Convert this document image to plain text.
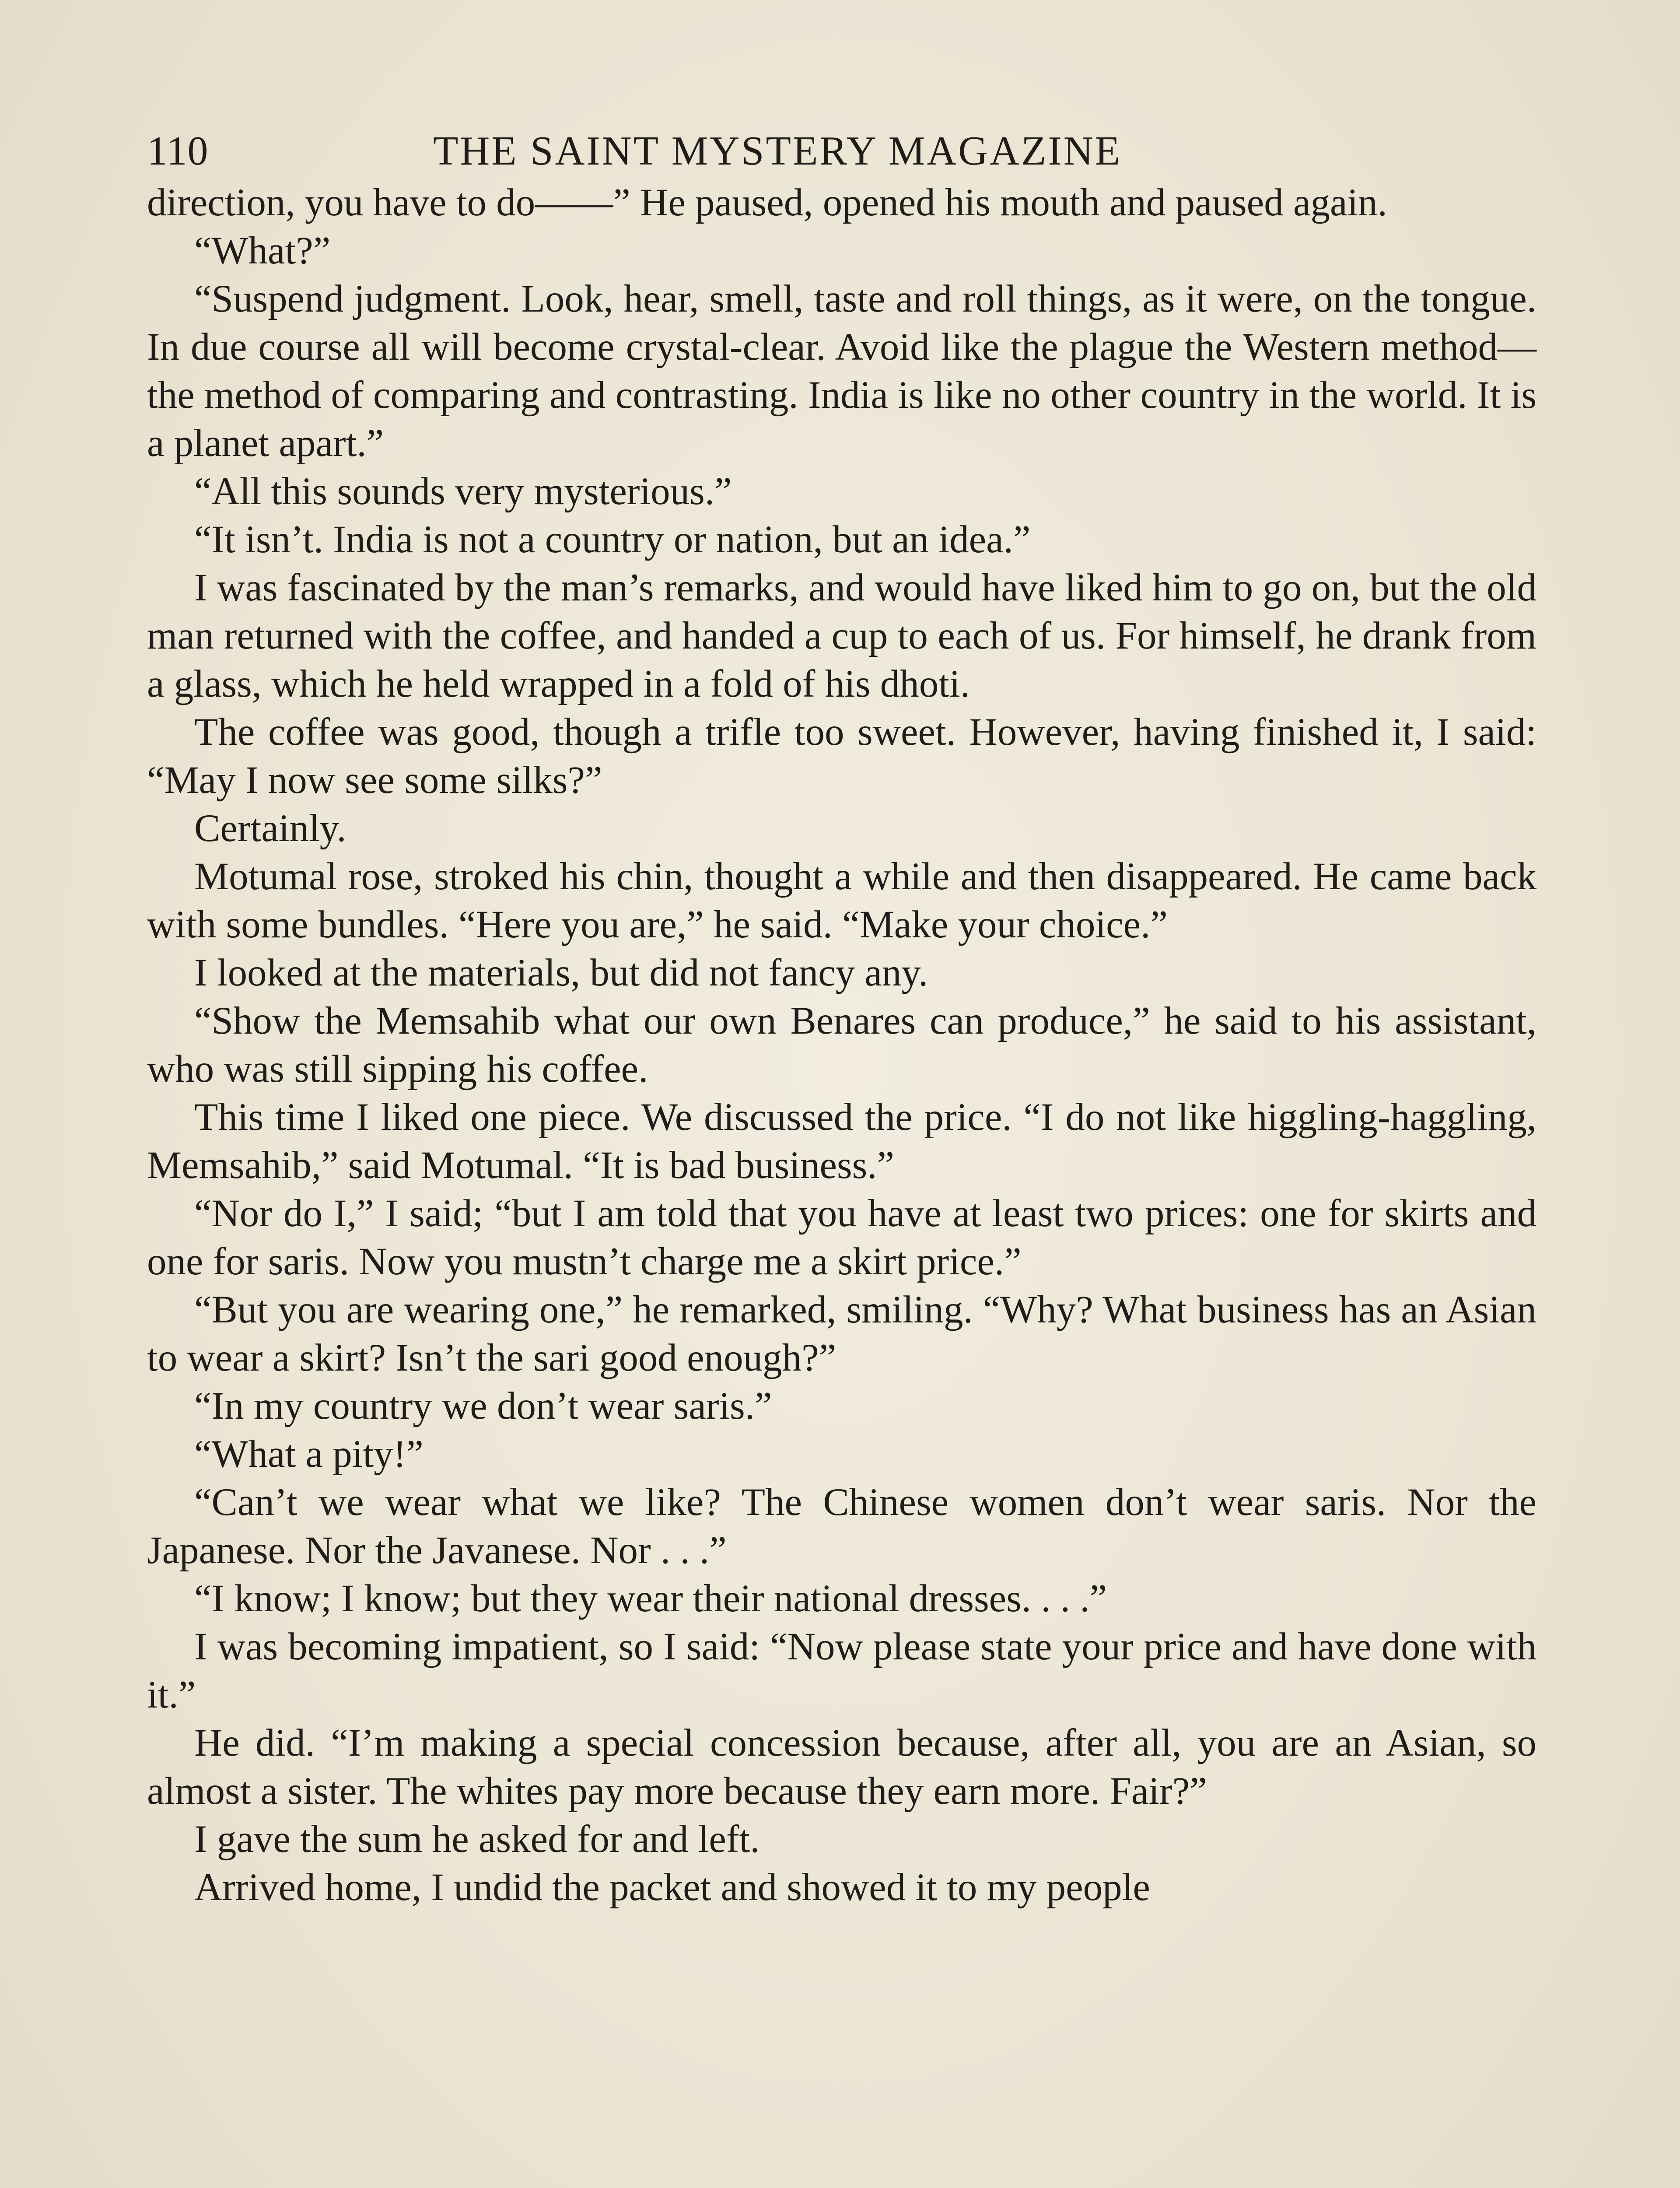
110	THE SAINT MYSTERY MAGAZINE

direction, you have to do——” He paused, opened his mouth and paused again.

“What?”

“Suspend judgment. Look, hear, smell, taste and roll things, as it were, on the tongue. In due course all will become crystal-clear. Avoid like the plague the Western method—the method of comparing and contrasting. India is like no other country in the world. It is a planet apart.”

“All this sounds very mysterious.”

“It isn’t. India is not a country or nation, but an idea.”

I was fascinated by the man’s remarks, and would have liked him to go on, but the old man returned with the coffee, and handed a cup to each of us. For himself, he drank from a glass, which he held wrapped in a fold of his dhoti.

The coffee was good, though a trifle too sweet. However, having finished it, I said: “May I now see some silks?”

Certainly.

Motumal rose, stroked his chin, thought a while and then disappeared. He came back with some bundles. “Here you are,” he said. “Make your choice.”

I looked at the materials, but did not fancy any.

“Show the Memsahib what our own Benares can produce,” he said to his assistant, who was still sipping his coffee.

This time I liked one piece. We discussed the price. “I do not like higgling-haggling, Memsahib,” said Motumal. “It is bad business.”

“Nor do I,” I said; “but I am told that you have at least two prices: one for skirts and one for saris. Now you mustn’t charge me a skirt price.”

“But you are wearing one,” he remarked, smiling. “Why? What business has an Asian to wear a skirt? Isn’t the sari good enough?”

“In my country we don’t wear saris.”

“What a pity!”

“Can’t we wear what we like? The Chinese women don’t wear saris. Nor the Japanese. Nor the Javanese. Nor . . .”

“I know; I know; but they wear their national dresses. . . .”

I was becoming impatient, so I said: “Now please state your price and have done with it.”

He did. “I’m making a special concession because, after all, you are an Asian, so almost a sister. The whites pay more because they earn more. Fair?”

I gave the sum he asked for and left.

Arrived home, I undid the packet and showed it to my people
